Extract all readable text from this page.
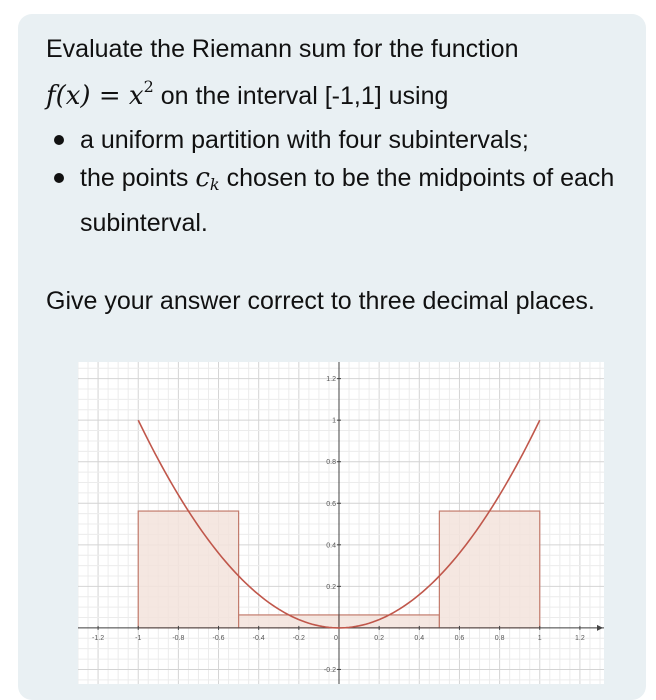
Evaluate the Riemann sum for the function

$f(x) = x^2$ on the interval [-1,1] using

a uniform partition with four subintervals;
the points $c_k$ chosen to be the midpoints of each subinterval.

Give your answer correct to three decimal places.

-1.2	-1	-0.8	-0.6	-0.4	-0.2	0	0.2	0.4	0.6	0.8	1	1.2
1.2
1
0.8
0.6
0.4
0.2
-0.2
